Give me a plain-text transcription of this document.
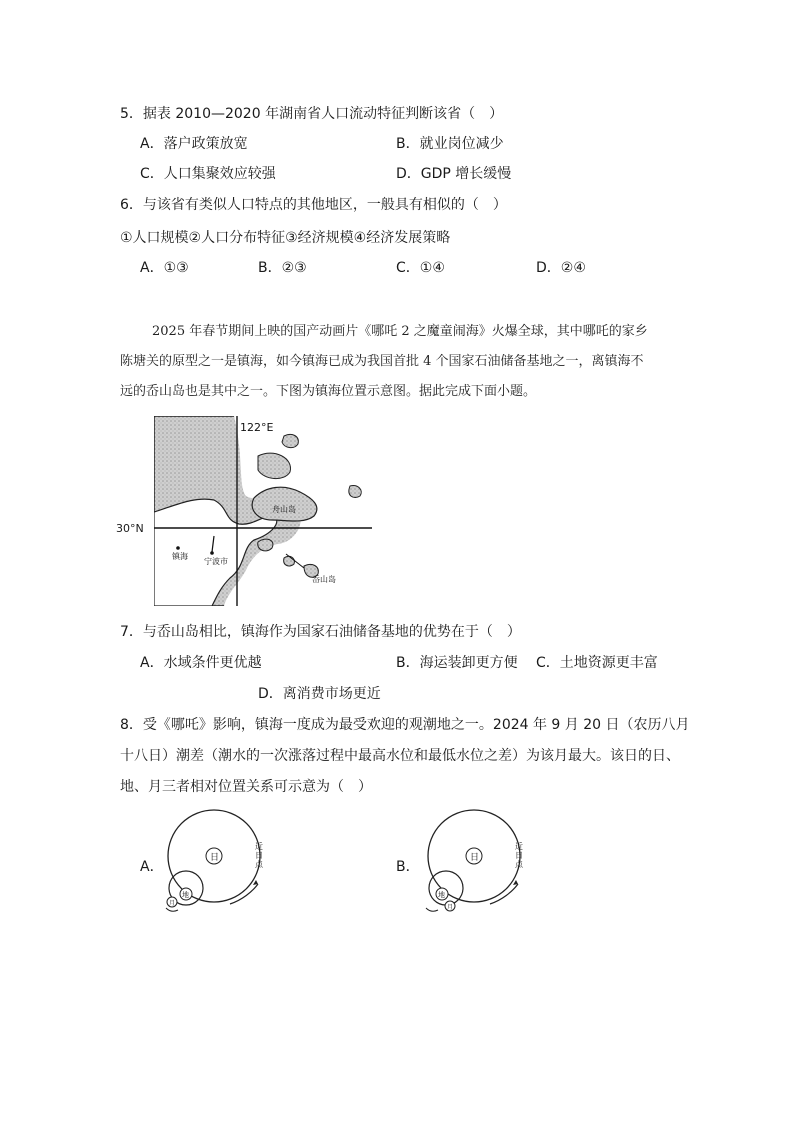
5．据表 2010—2020 年湖南省人口流动特征判断该省（　）
A．落户政策放宽	B．就业岗位减少
C．人口集聚效应较强	D．GDP 增长缓慢
6．与该省有类似人口特点的其他地区，一般具有相似的（　）
①人口规模②人口分布特征③经济规模④经济发展策略
A．①③	B．②③	C．①④	D．②④
2025 年春节期间上映的国产动画片《哪吒 2 之魔童闹海》火爆全球，其中哪吒的家乡
陈塘关的原型之一是镇海，如今镇海已成为我国首批 4 个国家石油储备基地之一，离镇海不
远的岙山岛也是其中之一。下图为镇海位置示意图。据此完成下面小题。
122°E
舟山岛
镇海
宁波市
岙山岛
30°N
7．与岙山岛相比，镇海作为国家石油储备基地的优势在于（　）
A．水域条件更优越	B．海运装卸更方便 C．土地资源更丰富
D．离消费市场更近
8．受《哪吒》影响，镇海一度成为最受欢迎的观潮地之一。2024 年 9 月 20 日（农历八月
十八日）潮差（潮水的一次涨落过程中最高水位和最低水位之差）为该月最大。该日的日、
地、月三者相对位置关系可示意为（　）
A．
日
地
月
近日点	B．
日
地
月
近日点
